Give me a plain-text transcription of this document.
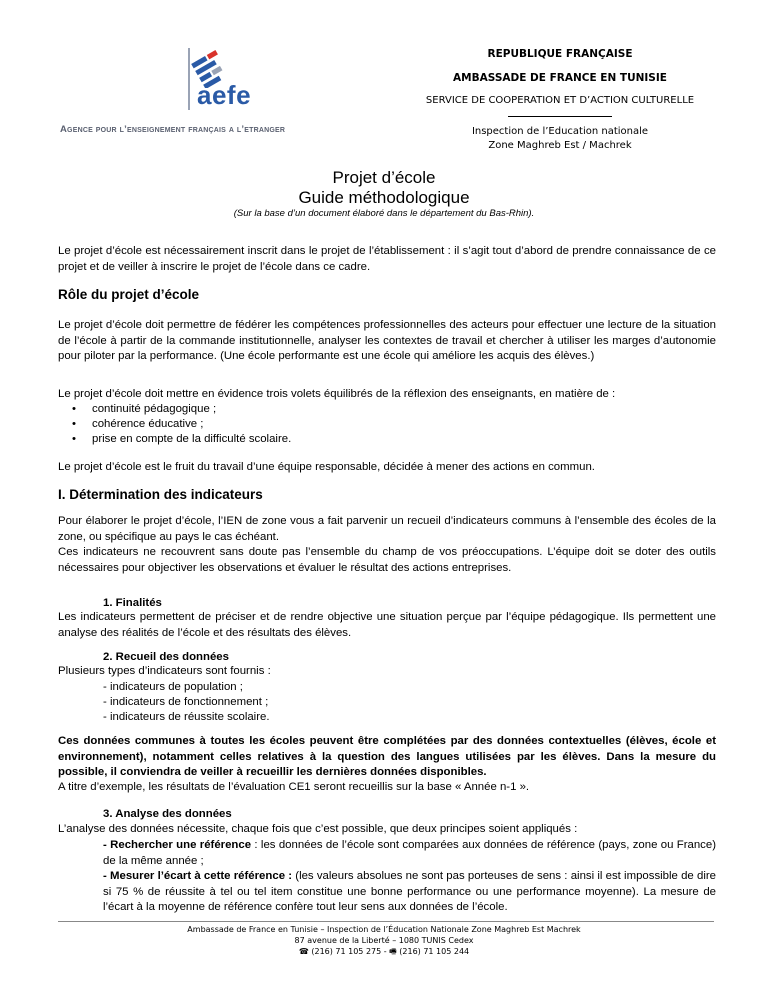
aefe
Agence pour l’enseignement français a l’etranger
REPUBLIQUE FRANÇAISE
AMBASSADE DE FRANCE EN TUNISIE
SERVICE DE COOPERATION ET D’ACTION CULTURELLE
Inspection de l’Education nationale
Zone Maghreb Est / Machrek
Projet d’école
Guide méthodologique
(Sur la base d’un document élaboré dans le département du Bas-Rhin).
Le projet d’école est nécessairement inscrit dans le projet de l’établissement : il s’agit tout d’abord de prendre connaissance de ce projet et de veiller à inscrire le projet de l’école dans ce cadre.
Rôle du projet d’école
Le projet d’école doit permettre de fédérer les compétences professionnelles des acteurs pour effectuer une lecture de la situation de l’école à partir de la commande institutionnelle, analyser les contextes de travail et chercher à utiliser les marges d’autonomie pour piloter par la performance. (Une école performante est une école qui améliore les acquis des élèves.)
Le projet d’école doit mettre en évidence trois volets équilibrés de la réflexion des enseignants, en matière de :
• continuité pédagogique ;
• cohérence éducative ;
• prise en compte de la difficulté scolaire.
Le projet d’école est le fruit du travail d’une équipe responsable, décidée à mener des actions en commun.
I. Détermination des indicateurs
Pour élaborer le projet d’école, l’IEN de zone vous a fait parvenir un recueil d’indicateurs communs à l’ensemble des écoles de la zone, ou spécifique au pays le cas échéant.
Ces indicateurs ne recouvrent sans doute pas l’ensemble du champ de vos préoccupations. L’équipe doit se doter des outils nécessaires pour objectiver les observations et évaluer le résultat des actions entreprises.
1. Finalités
Les indicateurs permettent de préciser et de rendre objective une situation perçue par l’équipe pédagogique. Ils permettent une analyse des réalités de l’école et des résultats des élèves.
2. Recueil des données
Plusieurs types d’indicateurs sont fournis :
- indicateurs de population ;
- indicateurs de fonctionnement ;
- indicateurs de réussite scolaire.
Ces données communes à toutes les écoles peuvent être complétées par des données contextuelles (élèves, école et environnement), notamment celles relatives à la question des langues utilisées par les élèves. Dans la mesure du possible, il conviendra de veiller à recueillir les dernières données disponibles.
A titre d’exemple, les résultats de l’évaluation CE1 seront recueillis sur la base « Année n-1 ».
3. Analyse des données
L’analyse des données nécessite, chaque fois que c’est possible, que deux principes soient appliqués :
- Rechercher une référence : les données de l’école sont comparées aux données de référence (pays, zone ou France) de la même année ;
- Mesurer l’écart à cette référence : (les valeurs absolues ne sont pas porteuses de sens : ainsi il est impossible de dire si 75 % de réussite à tel ou tel item constitue une bonne performance ou une performance moyenne). La mesure de l’écart à la moyenne de référence confère tout leur sens aux données de l’école.
Ambassade de France en Tunisie – Inspection de l’Éducation Nationale Zone Maghreb Est Machrek
87 avenue de la Liberté – 1080 TUNIS Cedex
☎ (216) 71 105 275 - 🖷 (216) 71 105 244
